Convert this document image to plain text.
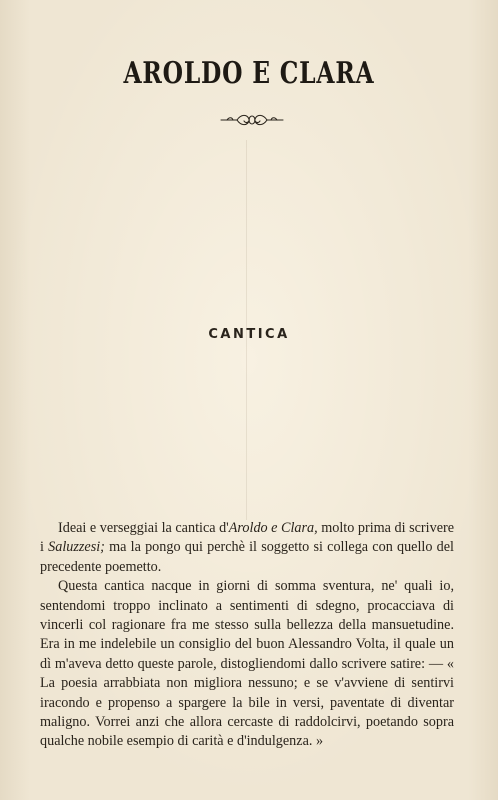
AROLDO E CLARA
CANTICA

Ideai e verseggiai la cantica d'Aroldo e Clara, molto prima di scrivere i Saluzzesi; ma la pongo qui perchè il soggetto si collega con quello del precedente poemetto.

Questa cantica nacque in giorni di somma sventura, ne' quali io, sentendomi troppo inclinato a sentimenti di sdegno, procacciava di vincerli col ragionare fra me stesso sulla bellezza della mansuetudine. Era in me indelebile un consiglio del buon Alessandro Volta, il quale un dì m'aveva detto queste parole, distogliendomi dallo scrivere satire: — « La poesia arrabbiata non migliora nessuno; e se v'avviene di sentirvi iracondo e propenso a spargere la bile in versi, paventate di diventar maligno. Vorrei anzi che allora cercaste di raddolcirvi, poetando sopra qualche nobile esempio di carità e d'indulgenza. »
